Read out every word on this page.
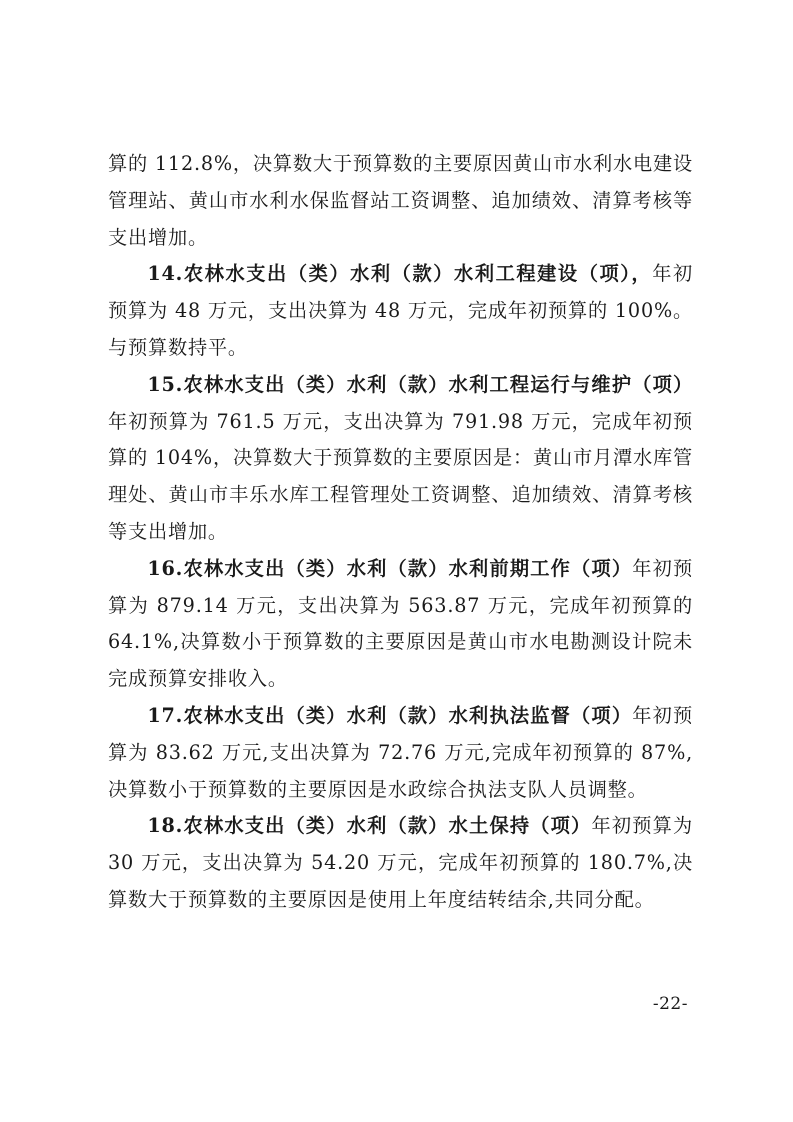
算的 112.8%，决算数大于预算数的主要原因黄山市水利水电建设管理站、黄山市水利水保监督站工资调整、追加绩效、清算考核等支出增加。

14.农林水支出（类）水利（款）水利工程建设（项），年初预算为 48 万元，支出决算为 48 万元，完成年初预算的 100%。与预算数持平。

15.农林水支出（类）水利（款）水利工程运行与维护（项）年初预算为 761.5 万元，支出决算为 791.98 万元，完成年初预算的 104%，决算数大于预算数的主要原因是：黄山市月潭水库管理处、黄山市丰乐水库工程管理处工资调整、追加绩效、清算考核等支出增加。

16.农林水支出（类）水利（款）水利前期工作（项）年初预算为 879.14 万元，支出决算为 563.87 万元，完成年初预算的 64.1%,决算数小于预算数的主要原因是黄山市水电勘测设计院未完成预算安排收入。

17.农林水支出（类）水利（款）水利执法监督（项）年初预算为 83.62 万元,支出决算为 72.76 万元,完成年初预算的 87%,决算数小于预算数的主要原因是水政综合执法支队人员调整。

18.农林水支出（类）水利（款）水土保持（项）年初预算为 30 万元，支出决算为 54.20 万元，完成年初预算的 180.7%,决算数大于预算数的主要原因是使用上年度结转结余,共同分配。

-22-
